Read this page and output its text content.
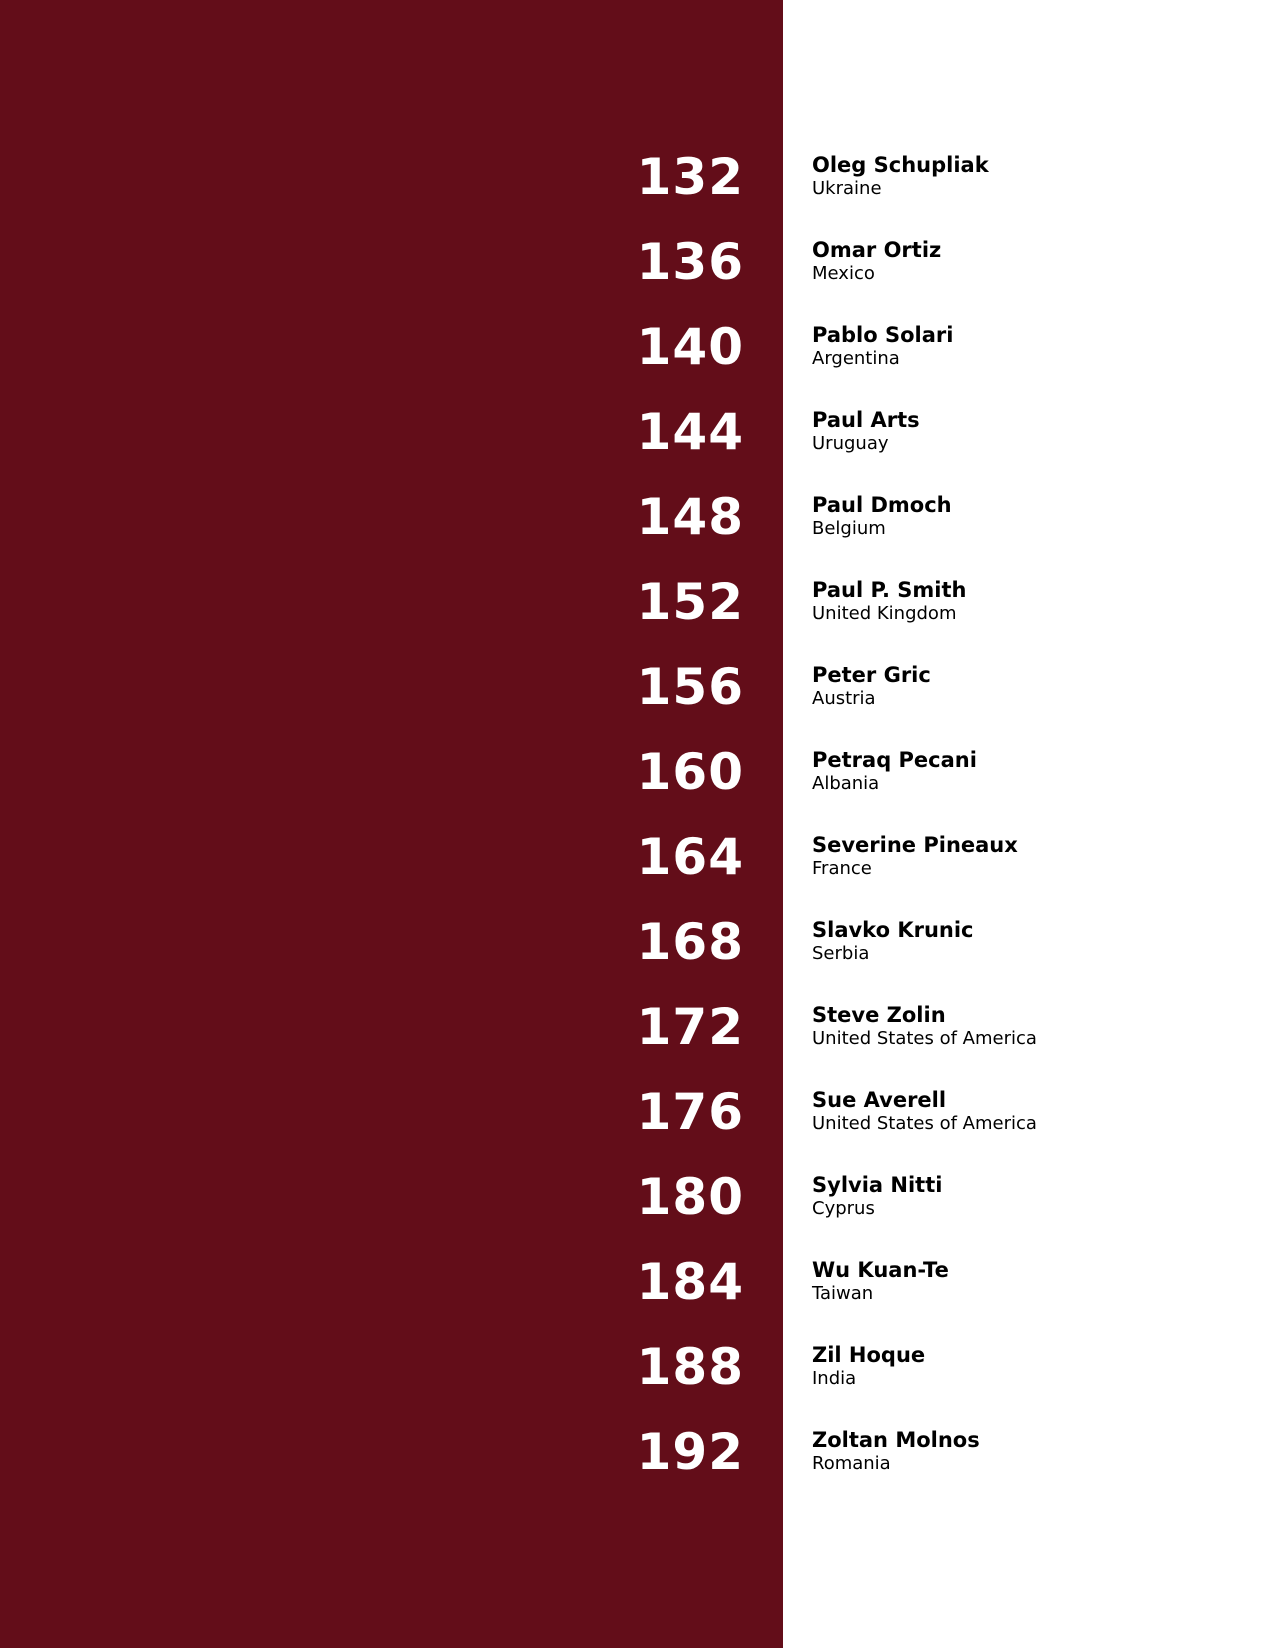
132	Oleg Schupliak
Ukraine
136	Omar Ortiz
Mexico
140	Pablo Solari
Argentina
144	Paul Arts
Uruguay
148	Paul Dmoch
Belgium
152	Paul P. Smith
United Kingdom
156	Peter Gric
Austria
160	Petraq Pecani
Albania
164	Severine Pineaux
France
168	Slavko Krunic
Serbia
172	Steve Zolin
United States of America
176	Sue Averell
United States of America
180	Sylvia Nitti
Cyprus
184	Wu Kuan-Te
Taiwan
188	Zil Hoque
India
192	Zoltan Molnos
Romania
